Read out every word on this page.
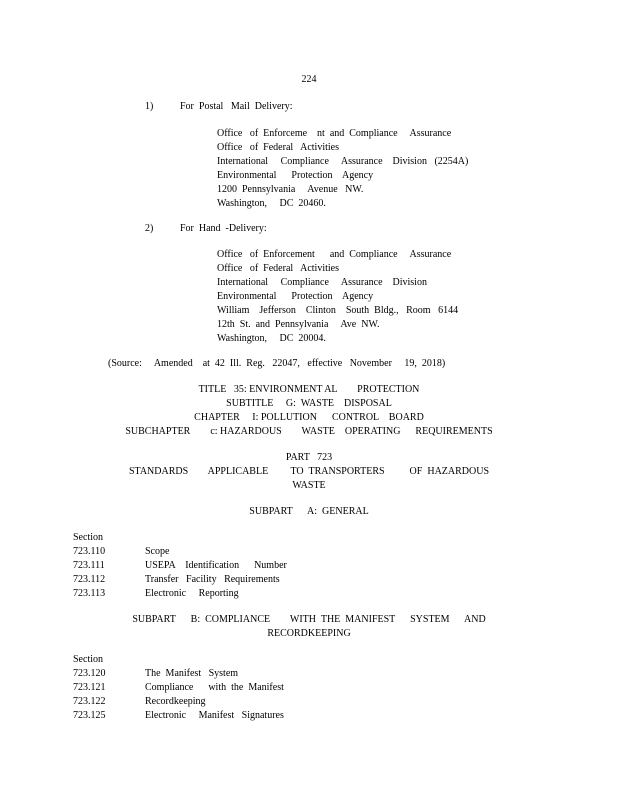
224
1)	For  Postal   Mail  Delivery:
Office   of  Enforceme    nt  and  Compliance     Assurance
Office   of  Federal   Activities
International     Compliance     Assurance    Division   (2254A)
Environmental      Protection    Agency
1200  Pennsylvania     Avenue   NW.
Washington,     DC  20460.
2)	For  Hand  -Delivery:
Office   of  Enforcement      and  Compliance     Assurance
Office   of  Federal   Activities
International     Compliance     Assurance    Division
Environmental      Protection    Agency
William    Jefferson    Clinton    South  Bldg.,   Room   6144
12th  St.  and  Pennsylvania     Ave  NW.
Washington,     DC  20004.
(Source:     Amended    at  42  Ill.  Reg.   22047,   effective   November     19,  2018)
TITLE   35: ENVIRONMENT AL        PROTECTION
SUBTITLE     G:  WASTE    DISPOSAL
CHAPTER     I: POLLUTION      CONTROL    BOARD
SUBCHAPTER        c: HAZARDOUS        WASTE    OPERATING      REQUIREMENTS
PART   723
STANDARDS        APPLICABLE         TO  TRANSPORTERS          OF  HAZARDOUS
WASTE
SUBPART      A:  GENERAL
Section
723.110	Scope
723.111	USEPA    Identification      Number
723.112	Transfer   Facility   Requirements
723.113	Electronic     Reporting
SUBPART      B:  COMPLIANCE        WITH  THE  MANIFEST      SYSTEM      AND
RECORDKEEPING
Section
723.120	The  Manifest   System
723.121	Compliance      with  the  Manifest
723.122	Recordkeeping
723.125	Electronic     Manifest   Signatures
